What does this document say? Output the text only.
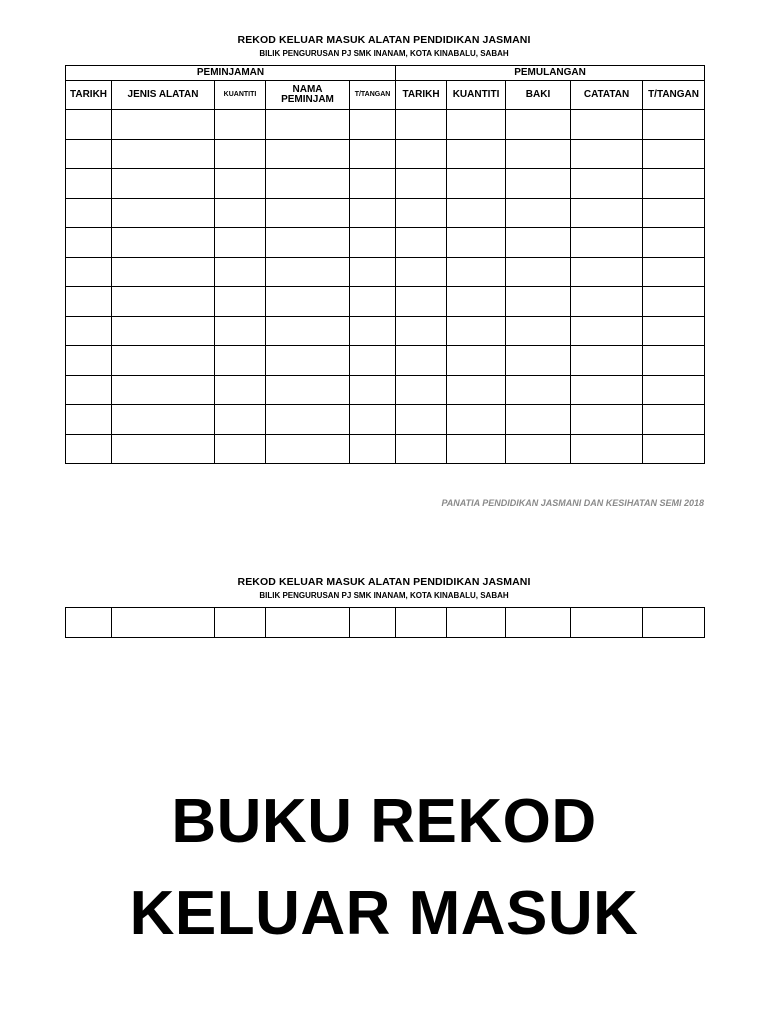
REKOD KELUAR MASUK ALATAN PENDIDIKAN JASMANI
BILIK PENGURUSAN PJ SMK INANAM, KOTA KINABALU, SABAH
PEMINJAMAN					PEMULANGAN				
TARIKH	JENIS ALATAN	KUANTITI	NAMA PEMINJAM	T/TANGAN	TARIKH	KUANTITI	BAKI	CATATAN	T/TANGAN

PANATIA PENDIDIKAN JASMANI DAN KESIHATAN SEMI 2018
REKOD KELUAR MASUK ALATAN PENDIDIKAN JASMANI
BILIK PENGURUSAN PJ SMK INANAM, KOTA KINABALU, SABAH

BUKU REKOD
KELUAR MASUK
